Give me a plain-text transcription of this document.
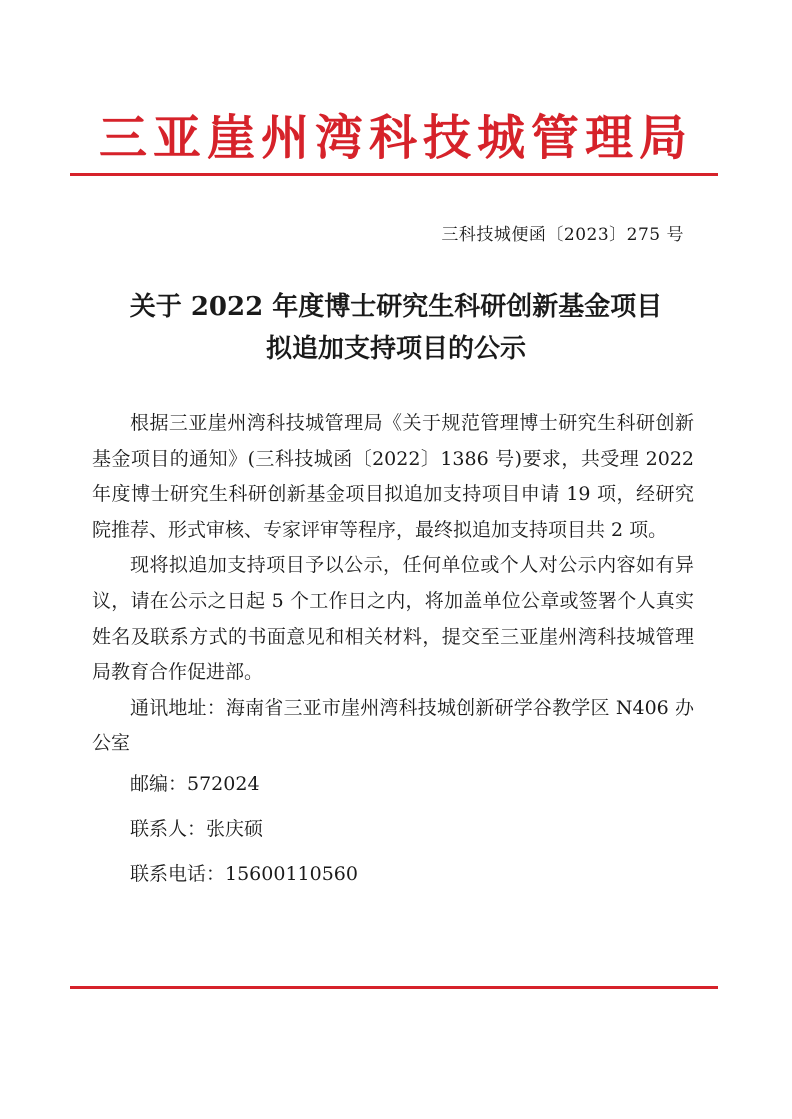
三亚崖州湾科技城管理局
三科技城便函〔2023〕275 号
关于 2022 年度博士研究生科研创新基金项目
拟追加支持项目的公示

根据三亚崖州湾科技城管理局《关于规范管理博士研究生科研创新基金项目的通知》(三科技城函〔2022〕1386 号)要求，共受理 2022 年度博士研究生科研创新基金项目拟追加支持项目申请 19 项，经研究院推荐、形式审核、专家评审等程序，最终拟追加支持项目共 2 项。

现将拟追加支持项目予以公示，任何单位或个人对公示内容如有异议，请在公示之日起 5 个工作日之内，将加盖单位公章或签署个人真实姓名及联系方式的书面意见和相关材料，提交至三亚崖州湾科技城管理局教育合作促进部。

通讯地址：海南省三亚市崖州湾科技城创新研学谷教学区 N406 办公室

邮编：572024

联系人：张庆硕

联系电话：15600110560
